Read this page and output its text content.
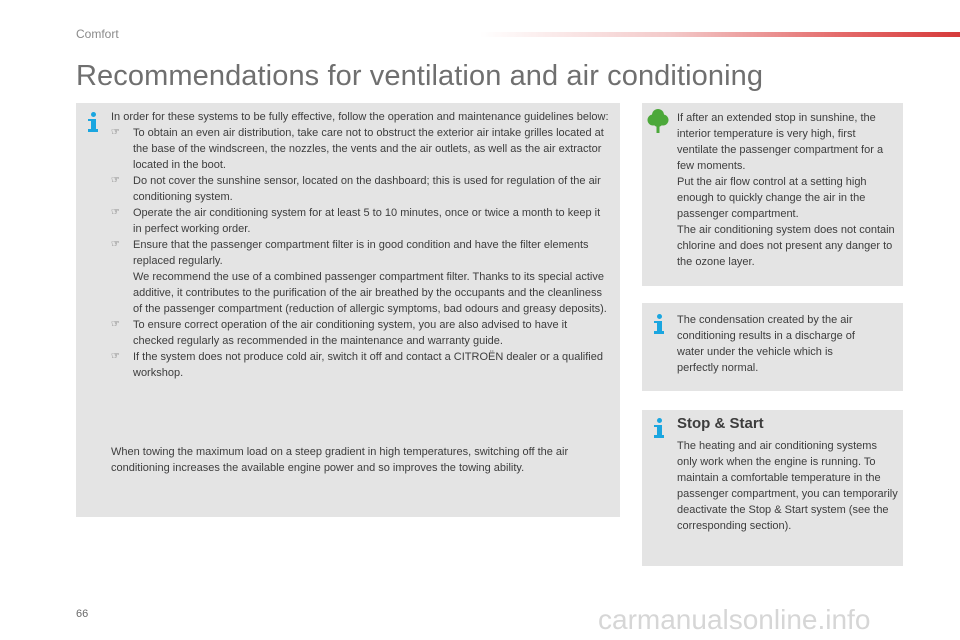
Comfort
Recommendations for ventilation and air conditioning

In order for these systems to be fully effective, follow the operation and maintenance guidelines below:

☞ To obtain an even air distribution, take care not to obstruct the exterior air intake grilles located at the base of the windscreen, the nozzles, the vents and the air outlets, as well as the air extractor located in the boot.
☞ Do not cover the sunshine sensor, located on the dashboard; this is used for regulation of the air conditioning system.
☞ Operate the air conditioning system for at least 5 to 10 minutes, once or twice a month to keep it in perfect working order.
☞ Ensure that the passenger compartment filter is in good condition and have the filter elements replaced regularly.

We recommend the use of a combined passenger compartment filter. Thanks to its special active additive, it contributes to the purification of the air breathed by the occupants and the cleanliness of the passenger compartment (reduction of allergic symptoms, bad odours and greasy deposits).

☞ To ensure correct operation of the air conditioning system, you are also advised to have it checked regularly as recommended in the maintenance and warranty guide.
☞ If the system does not produce cold air, switch it off and contact a CITROËN dealer or a qualified workshop.
When towing the maximum load on a steep gradient in high temperatures, switching off the air conditioning increases the available engine power and so improves the towing ability.

If after an extended stop in sunshine, the interior temperature is very high, first ventilate the passenger compartment for a few moments.

Put the air flow control at a setting high enough to quickly change the air in the passenger compartment.

The air conditioning system does not contain chlorine and does not present any danger to the ozone layer.

The condensation created by the air conditioning results in a discharge of water under the vehicle which is perfectly normal.
Stop & Start
The heating and air conditioning systems only work when the engine is running. To maintain a comfortable temperature in the passenger compartment, you can temporarily deactivate the Stop & Start system (see the corresponding section).
66	carmanualsonline.info
